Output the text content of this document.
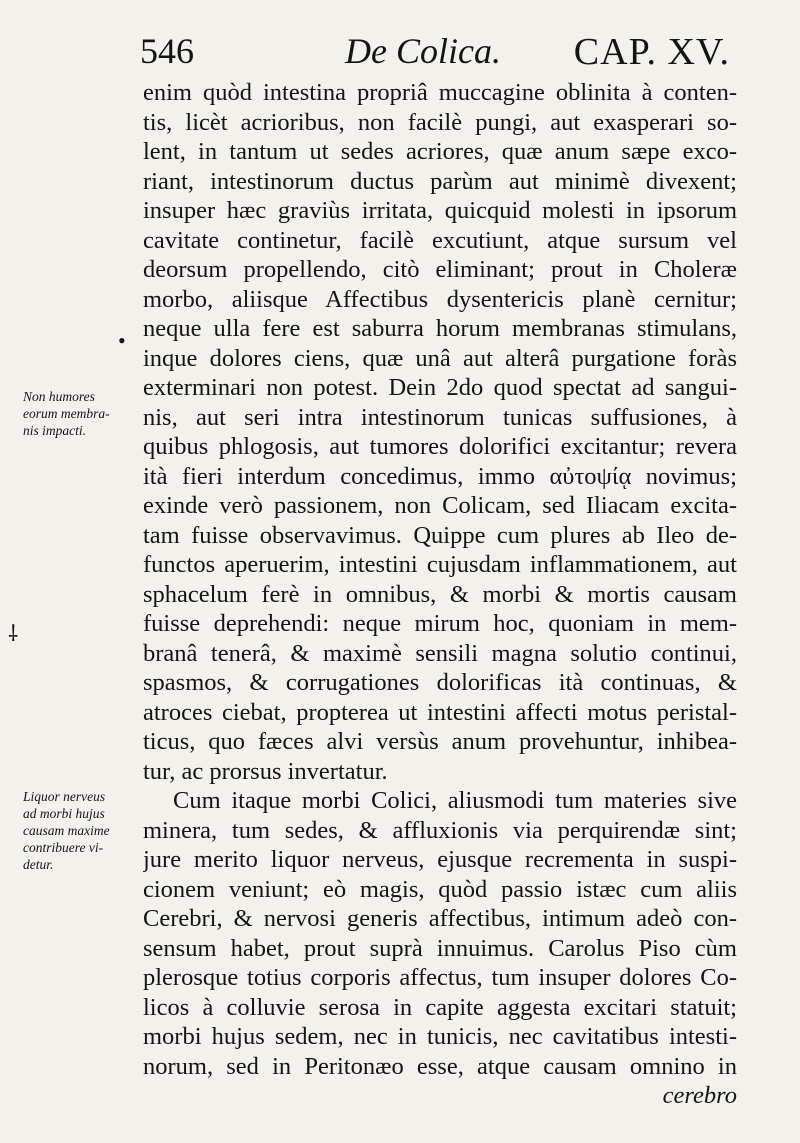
546	De Colica. CAP. XV.
enim quòd intestina propriâ muccagine oblinita à conten-
tis, licèt acrioribus, non facilè pungi, aut exasperari so-
lent, in tantum ut sedes acriores, quæ anum sæpe exco-
riant, intestinorum ductus parùm aut minimè divexent;
insuper hæc graviùs irritata, quicquid molesti in ipsorum
cavitate continetur, facilè excutiunt, atque sursum vel
deorsum propellendo, citò eliminant; prout in Choleræ
morbo, aliisque Affectibus dysentericis planè cernitur;
neque ulla fere est saburra horum membranas stimulans,
inque dolores ciens, quæ unâ aut alterâ purgatione foràs
exterminari non potest. Dein 2do quod spectat ad sangui-
nis, aut seri intra intestinorum tunicas suffusiones, à
quibus phlogosis, aut tumores dolorifici excitantur; revera
ità fieri interdum concedimus, immo αὐτοψίᾳ novimus;
exinde verò passionem, non Colicam, sed Iliacam excita-
tam fuisse observavimus. Quippe cum plures ab Ileo de-
functos aperuerim, intestini cujusdam inflammationem, aut
sphacelum ferè in omnibus, & morbi & mortis causam
fuisse deprehendi: neque mirum hoc, quoniam in mem-
branâ tenerâ, & maximè sensili magna solutio continui,
spasmos, & corrugationes dolorificas ità continuas, &
atroces ciebat, propterea ut intestini affecti motus peristal-
ticus, quo fæces alvi versùs anum provehuntur, inhibea-
tur, ac prorsus invertatur.
Cum itaque morbi Colici, aliusmodi tum materies sive
minera, tum sedes, & affluxionis via perquirendæ sint;
jure merito liquor nerveus, ejusque recrementa in suspi-
cionem veniunt; eò magis, quòd passio istæc cum aliis
Cerebri, & nervosi generis affectibus, intimum adeò con-
sensum habet, prout suprà innuimus. Carolus Piso cùm
plerosque totius corporis affectus, tum insuper dolores Co-
licos à colluvie serosa in capite aggesta excitari statuit;
morbi hujus sedem, nec in tunicis, nec cavitatibus intesti-
norum, sed in Peritonæo esse, atque causam omnino in
cerebro
Non humores
eorum membra-
nis impacti.
Liquor nerveus
ad morbi hujus
causam maxime
contribuere vi-
detur.
•
⸸
